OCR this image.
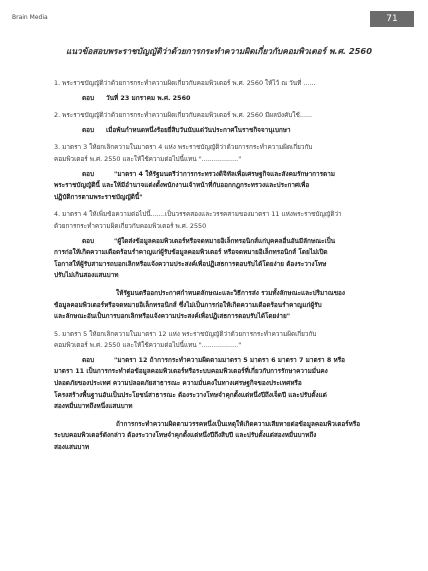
Brain Media	71
แนวข้อสอบพระราชบัญญัติว่าด้วยการกระทำความผิดเกี่ยวกับคอมพิวเตอร์ พ.ศ. 2560

1. พระราชบัญญัติว่าด้วยการกระทำความผิดเกี่ยวกับคอมพิวเตอร์ พ.ศ. 2560 ให้ไว้ ณ วันที่ ......

ตอบ วันที่ 23 มกราคม พ.ศ. 2560

2. พระราชบัญญัติว่าด้วยการกระทำความผิดเกี่ยวกับคอมพิวเตอร์ พ.ศ. 2560 มีผลบังคับใช้......

ตอบ เมื่อพ้นกำหนดหนึ่งร้อยยี่สิบวันนับแต่วันประกาศในราชกิจจานุเบกษา

3. มาตรา 3 ให้ยกเลิกความในมาตรา 4 แห่ง พระราชบัญญัติว่าด้วยการกระทำความผิดเกี่ยวกับ

คอมพิวเตอร์ พ.ศ. 2550 และให้ใช้ความต่อไปนี้แทน ".................."

ตอบ	"มาตรา 4 ให้รัฐมนตรีว่าการกระทรวงดิจิทัลเพื่อเศรษฐกิจและสังคมรักษาการตาม

พระราชบัญญัตินี้ และให้มีอำนาจแต่งตั้งพนักงานเจ้าหน้าที่กับออกกฎกระทรวงและประกาศเพื่อ

ปฏิบัติการตามพระราชบัญญัตินี้"

4. มาตรา 4 ให้เพิ่มข้อความต่อไปนี้.......เป็นวรรคสองและวรรคสามของมาตรา 11 แห่งพระราชบัญญัติว่า

ด้วยการกระทำความผิดเกี่ยวกับคอมพิวเตอร์ พ.ศ. 2550

ตอบ	"ผู้ใดส่งข้อมูลคอมพิวเตอร์หรือจดหมายอิเล็กทรอนิกส์แก่บุคคลอื่นอันมีลักษณะเป็น

การก่อให้เกิดความเดือดร้อนรำคาญแก่ผู้รับข้อมูลคอมพิวเตอร์ หรือจดหมายอิเล็กทรอนิกส์ โดยไม่เปิด

โอกาสให้ผู้รับสามารถบอกเลิกหรือแจ้งความประสงค์เพื่อปฏิเสธการตอบรับได้โดยง่าย ต้องระวางโทษ

ปรับไม่เกินสองแสนบาท

ให้รัฐมนตรีออกประกาศกำหนดลักษณะและวิธีการส่ง รวมทั้งลักษณะและปริมาณของ

ข้อมูลคอมพิวเตอร์หรือจดหมายอิเล็กทรอนิกส์ ซึ่งไม่เป็นการก่อให้เกิดความเดือดร้อนรำคาญแก่ผู้รับ

และลักษณะอันเป็นการบอกเลิกหรือแจ้งความประสงค์เพื่อปฏิเสธการตอบรับได้โดยง่าย"

5. มาตรา 5 ให้ยกเลิกความในมาตรา 12 แห่ง พระราชบัญญัติว่าด้วยการกระทำความผิดเกี่ยวกับ

คอมพิวเตอร์ พ.ศ. 2550 และให้ใช้ความต่อไปนี้แทน ".................."

ตอบ	"มาตรา 12 ถ้าการกระทำความผิดตามมาตรา 5 มาตรา 6 มาตรา 7 มาตรา 8 หรือ

มาตรา 11 เป็นการกระทำต่อข้อมูลคอมพิวเตอร์หรือระบบคอมพิวเตอร์ที่เกี่ยวกับการรักษาความมั่นคง

ปลอดภัยของประเทศ ความปลอดภัยสาธารณะ ความมั่นคงในทางเศรษฐกิจของประเทศหรือ

โครงสร้างพื้นฐานอันเป็นประโยชน์สาธารณะ ต้องระวางโทษจำคุกตั้งแต่หนึ่งปีถึงเจ็ดปี และปรับตั้งแต่

สองหมื่นบาทถึงหนึ่งแสนบาท

ถ้าการกระทำความผิดตามวรรคหนึ่งเป็นเหตุให้เกิดความเสียหายต่อข้อมูลคอมพิวเตอร์หรือ

ระบบคอมพิวเตอร์ดังกล่าว ต้องระวางโทษจำคุกตั้งแต่หนึ่งปีถึงสิบปี และปรับตั้งแต่สองหมื่นบาทถึง

สองแสนบาท
